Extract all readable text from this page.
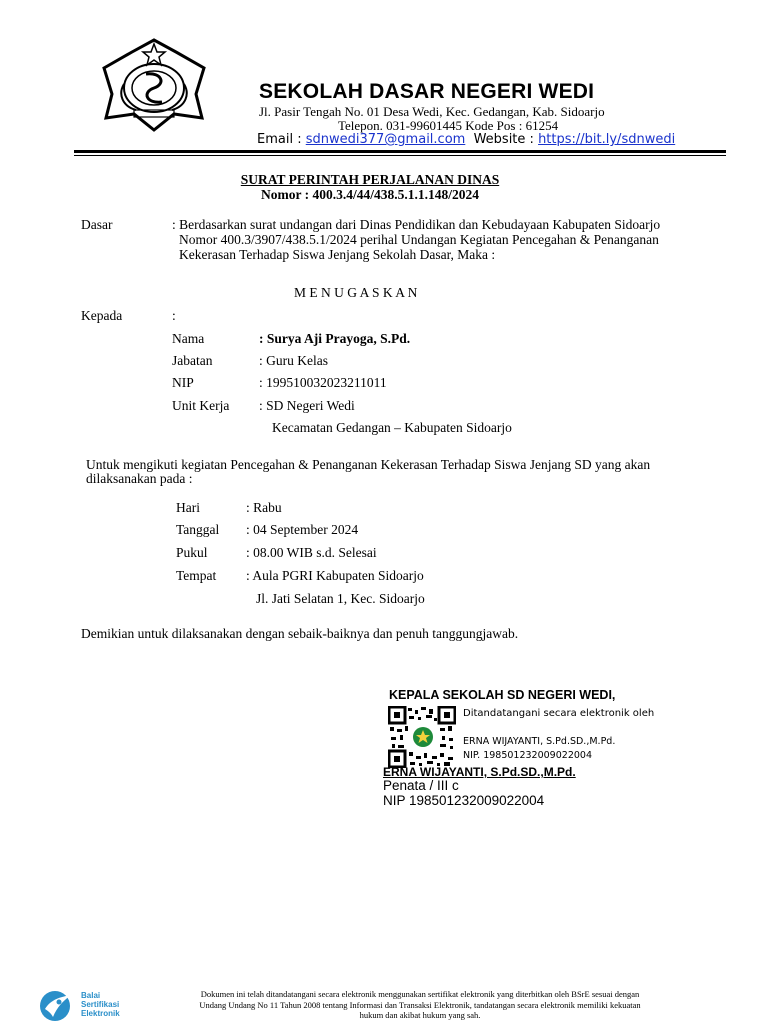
SEKOLAH DASAR NEGERI WEDI
Jl. Pasir Tengah No. 01 Desa Wedi, Kec. Gedangan, Kab. Sidoarjo
Telepon. 031-99601445 Kode Pos : 61254
Email : sdnwedi377@gmail.com Website : https://bit.ly/sdnwedi
SURAT PERINTAH PERJALANAN DINAS
Nomor : 400.3.4/44/438.5.1.1.148/2024
Dasar	: Berdasarkan surat undangan dari Dinas Pendidikan dan Kebudayaan Kabupaten Sidoarjo
Nomor 400.3/3907/438.5.1/2024 perihal Undangan Kegiatan Pencegahan & Penanganan
Kekerasan Terhadap Siswa Jenjang Sekolah Dasar, Maka :
M E N U G A S K A N
Kepada	:
Nama	: Surya Aji Prayoga, S.Pd.
Jabatan	: Guru Kelas
NIP	: 199510032023211011
Unit Kerja : SD Negeri Wedi
Kecamatan Gedangan – Kabupaten Sidoarjo
Untuk mengikuti kegiatan Pencegahan & Penanganan Kekerasan Terhadap Siswa Jenjang SD yang akan
dilaksanakan pada :
Hari	: Rabu
Tanggal : 04 September 2024
Pukul	: 08.00 WIB s.d. Selesai
Tempat : Aula PGRI Kabupaten Sidoarjo
Jl. Jati Selatan 1, Kec. Sidoarjo
Demikian untuk dilaksanakan dengan sebaik-baiknya dan penuh tanggungjawab.
KEPALA SEKOLAH SD NEGERI WEDI,
Ditandatangani secara elektronik oleh
ERNA WIJAYANTI, S.Pd.SD.,M.Pd.
NIP. 198501232009022004
ERNA WIJAYANTI, S.Pd.SD.,M.Pd.
Penata / III c
NIP 198501232009022004
Balai
Sertifikasi
Elektronik
Dokumen ini telah ditandatangani secara elektronik menggunakan sertifikat elektronik yang diterbitkan oleh BSrE sesuai dengan
Undang Undang No 11 Tahun 2008 tentang Informasi dan Transaksi Elektronik, tandatangan secara elektronik memiliki kekuatan
hukum dan akibat hukum yang sah.
